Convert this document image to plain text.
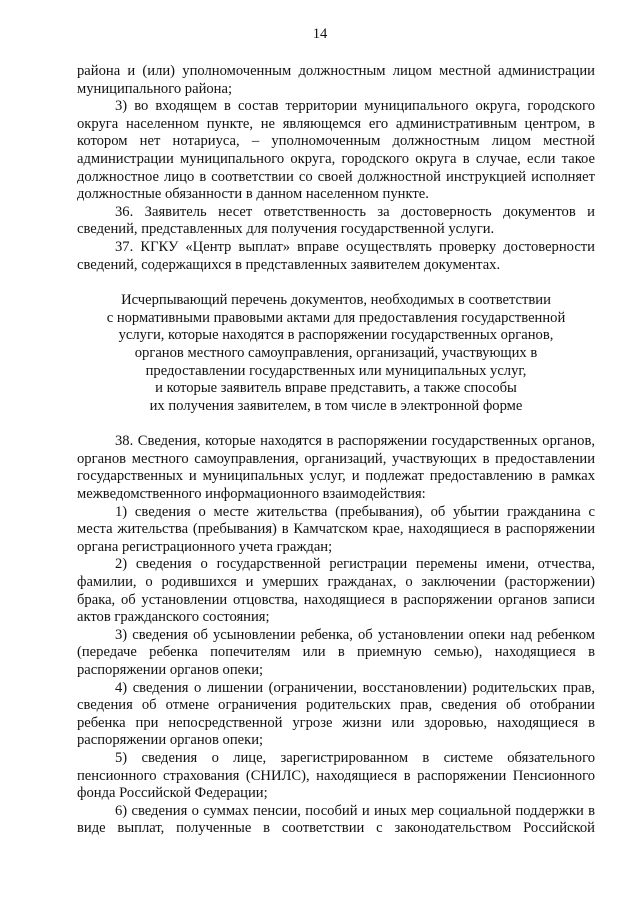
14

района и (или) уполномоченным должностным лицом местной администрации муниципального района;

3) во входящем в состав территории муниципального округа, городского округа населенном пункте, не являющемся его административным центром, в котором нет нотариуса, – уполномоченным должностным лицом местной администрации муниципального округа, городского округа в случае, если такое должностное лицо в соответствии со своей должностной инструкцией исполняет должностные обязанности в данном населенном пункте.

36. Заявитель несет ответственность за достоверность документов и сведений, представленных для получения государственной услуги.

37. КГКУ «Центр выплат» вправе осуществлять проверку достоверности сведений, содержащихся в представленных заявителем документах.

Исчерпывающий перечень документов, необходимых в соответствии

с нормативными правовыми актами для предоставления государственной

услуги, которые находятся в распоряжении государственных органов,

органов местного самоуправления, организаций, участвующих в

предоставлении государственных или муниципальных услуг,

и которые заявитель вправе представить, а также способы

их получения заявителем, в том числе в электронной форме

38. Сведения, которые находятся в распоряжении государственных органов, органов местного самоуправления, организаций, участвующих в предоставлении государственных и муниципальных услуг, и подлежат предоставлению в рамках межведомственного информационного взаимодействия:

1) сведения о месте жительства (пребывания), об убытии гражданина с места жительства (пребывания) в Камчатском крае, находящиеся в распоряжении органа регистрационного учета граждан;

2) сведения о государственной регистрации перемены имени, отчества, фамилии, о родившихся и умерших гражданах, о заключении (расторжении) брака, об установлении отцовства, находящиеся в распоряжении органов записи актов гражданского состояния;

3) сведения об усыновлении ребенка, об установлении опеки над ребенком (передаче ребенка попечителям или в приемную семью), находящиеся в распоряжении органов опеки;

4) сведения о лишении (ограничении, восстановлении) родительских прав, сведения об отмене ограничения родительских прав, сведения об отобрании ребенка при непосредственной угрозе жизни или здоровью, находящиеся в распоряжении органов опеки;

5) сведения о лице, зарегистрированном в системе обязательного пенсионного страхования (СНИЛС), находящиеся в распоряжении Пенсионного фонда Российской Федерации;

6) сведения о суммах пенсии, пособий и иных мер социальной поддержки в виде выплат, полученные в соответствии с законодательством Российской
